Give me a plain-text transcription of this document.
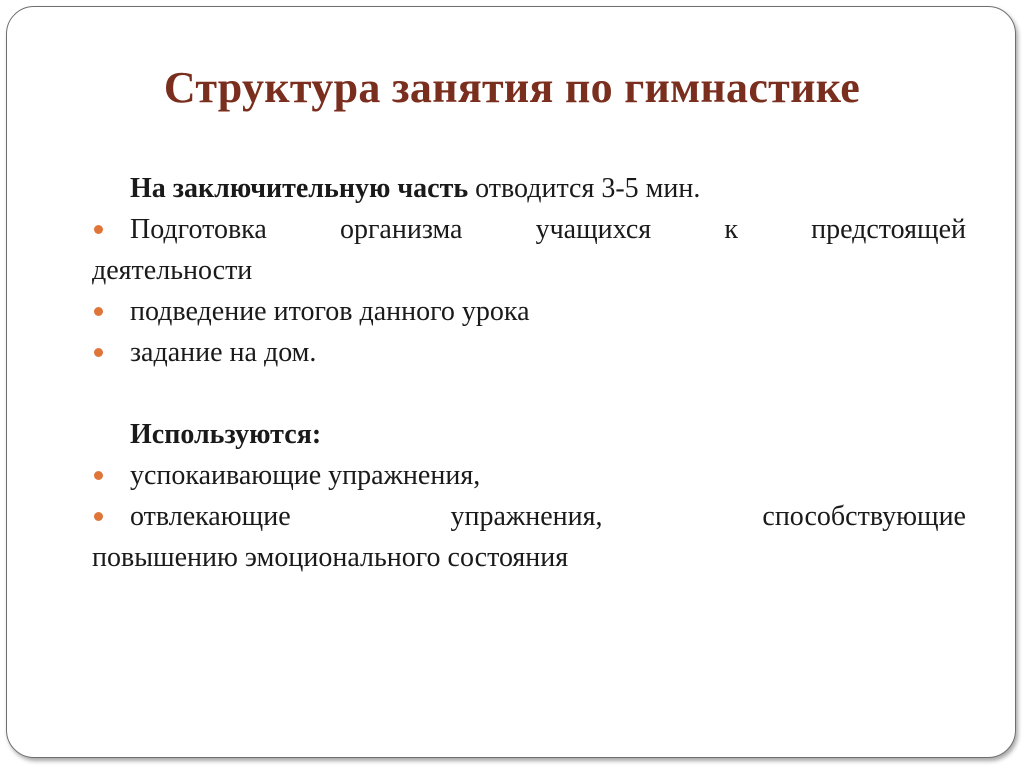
Структура занятия по гимнастике

На заключительную часть отводится 3-5 мин.

Подготовка организма учащихся к предстоящей
деятельности
подведение итогов данного урока
задание на дом.

Используются:

успокаивающие упражнения,
отвлекающие упражнения, способствующие
повышению эмоционального состояния
